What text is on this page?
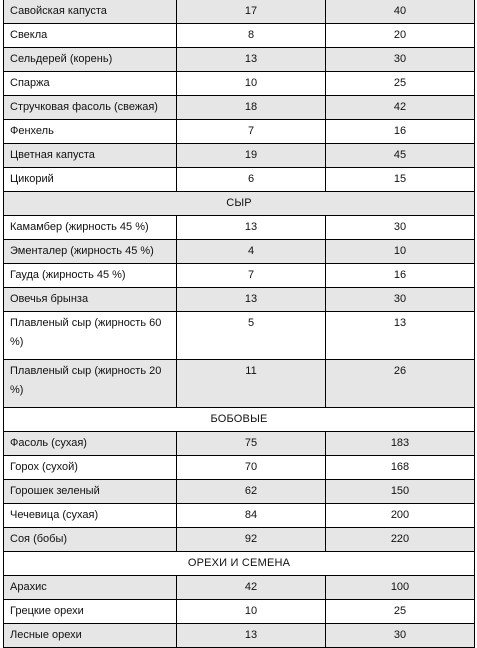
Савойская капуста	17	40
Свекла	8	20
Сельдерей (корень)	13	30
Спаржа	10	25
Стручковая фасоль (свежая)	18	42
Фенхель	7	16
Цветная капуста	19	45
Цикорий	6	15
СЫР		
Камамбер (жирность 45 %)	13	30
Эменталер (жирность 45 %)	4	10
Гауда (жирность 45 %)	7	16
Овечья брынза	13	30
Плавленый сыр (жирность 60 %)	5	13
Плавленый сыр (жирность 20 %)	11	26
БОБОВЫЕ		
Фасоль (сухая)	75	183
Горох (сухой)	70	168
Горошек зеленый	62	150
Чечевица (сухая)	84	200
Соя (бобы)	92	220
ОРЕХИ И СЕМЕНА		
Арахис	42	100
Грецкие орехи	10	25
Лесные орехи	13	30
